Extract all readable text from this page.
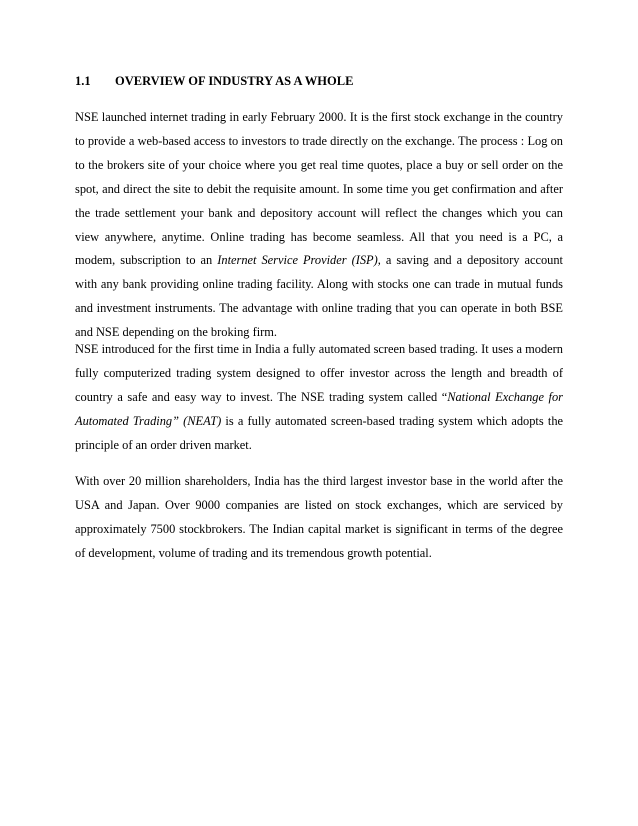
1.1 OVERVIEW OF INDUSTRY AS A WHOLE

NSE launched internet trading in early February 2000. It is the first stock exchange in the country to provide a web-based access to investors to trade directly on the exchange. The process : Log on to the brokers site of your choice where you get real time quotes, place a buy or sell order on the spot, and direct the site to debit the requisite amount. In some time you get confirmation and after the trade settlement your bank and depository account will reflect the changes which you can view anywhere, anytime. Online trading has become seamless. All that you need is a PC, a modem, subscription to an Internet Service Provider (ISP), a saving and a depository account with any bank providing online trading facility. Along with stocks one can trade in mutual funds and investment instruments. The advantage with online trading that you can operate in both BSE and NSE depending on the broking firm.

NSE introduced for the first time in India a fully automated screen based trading. It uses a modern fully computerized trading system designed to offer investor across the length and breadth of country a safe and easy way to invest. The NSE trading system called “National Exchange for Automated Trading” (NEAT) is a fully automated screen-based trading system which adopts the principle of an order driven market.

With over 20 million shareholders, India has the third largest investor base in the world after the USA and Japan. Over 9000 companies are listed on stock exchanges, which are serviced by approximately 7500 stockbrokers. The Indian capital market is significant in terms of the degree of development, volume of trading and its tremendous growth potential.
